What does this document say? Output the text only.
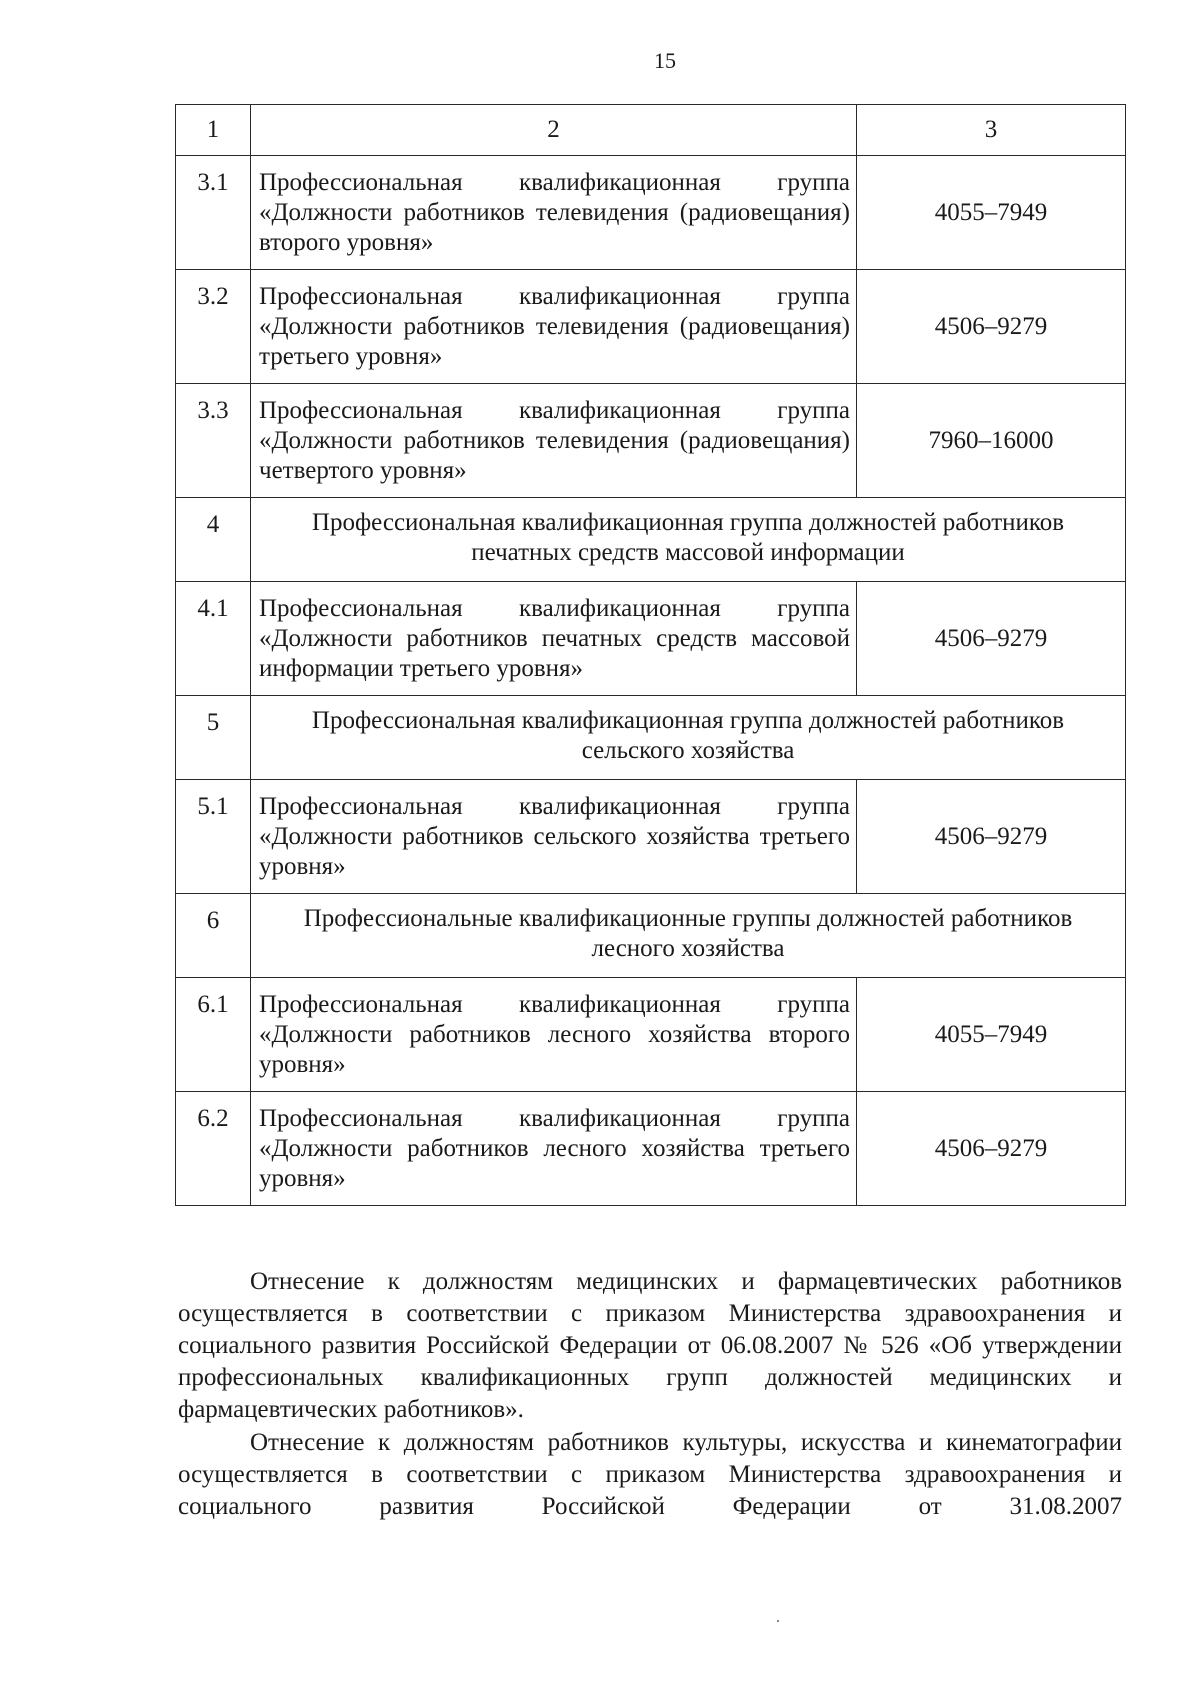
15
1	2	3
3.1	Профессиональная квалификационная группа «Должности работников телевидения (радиовещания) второго уровня»	4055–7949
3.2	Профессиональная квалификационная группа «Должности работников телевидения (радиовещания) третьего уровня»	4506–9279
3.3	Профессиональная квалификационная группа «Должности работников телевидения (радиовещания) четвертого уровня»	7960–16000
4	Профессиональная квалификационная группа должностей работников печатных средств массовой информации	
4.1	Профессиональная квалификационная группа «Должности работников печатных средств массовой информации третьего уровня»	4506–9279
5	Профессиональная квалификационная группа должностей работников сельского хозяйства	
5.1	Профессиональная квалификационная группа «Должности работников сельского хозяйства третьего уровня»	4506–9279
6	Профессиональные квалификационные группы должностей работников лесного хозяйства	
6.1	Профессиональная квалификационная группа «Должности работников лесного хозяйства второго уровня»	4055–7949
6.2	Профессиональная квалификационная группа «Должности работников лесного хозяйства третьего уровня»	4506–9279

Отнесение к должностям медицинских и фармацевтических работников осуществляется в соответствии с приказом Министерства здравоохранения и социального развития Российской Федерации от 06.08.2007 № 526 «Об утверждении профессиональных квалификационных групп должностей медицинских и фармацевтических работников».

Отнесение к должностям работников культуры, искусства и кинематографии осуществляется в соответствии с приказом Министерства здравоохранения и социального развития Российской Федерации от 31.08.2007
